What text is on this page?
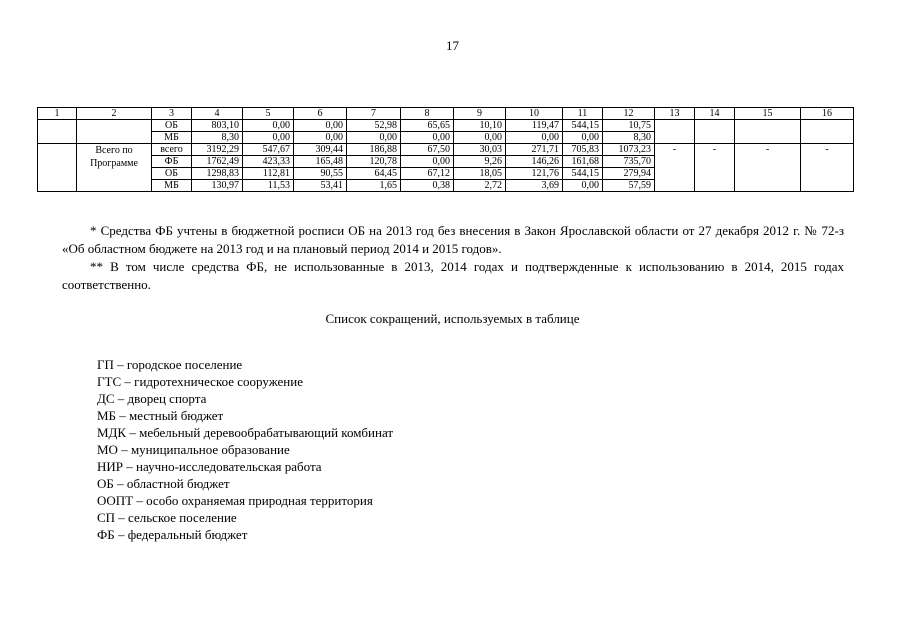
17
1	2	3	4	5	6	7	8	9	10	11	12	13	14	15	16
		ОБ	803,10	0,00	0,00	52,98	65,65	10,10	119,47	544,15	10,75				
		МБ	8,30	0,00	0,00	0,00	0,00	0,00	0,00	0,00	8,30				
	Всего по Программе	всего	3192,29	547,67	309,44	186,88	67,50	30,03	271,71	705,83	1073,23	-	-	-	-
		ФБ	1762,49	423,33	165,48	120,78	0,00	9,26	146,26	161,68	735,70				
		ОБ	1298,83	112,81	90,55	64,45	67,12	18,05	121,76	544,15	279,94				
		МБ	130,97	11,53	53,41	1,65	0,38	2,72	3,69	0,00	57,59				
* Средства ФБ учтены в бюджетной росписи ОБ на 2013 год без внесения в Закон Ярославской области от 27 декабря 2012 г. № 72-з «Об областном бюджете на 2013 год и на плановый период 2014 и 2015 годов».
** В том числе средства ФБ, не использованные в 2013, 2014 годах и подтвержденные к использованию в 2014, 2015 годах соответственно.
Список сокращений, используемых в таблице
ГП – городское поселение
ГТС – гидротехническое сооружение
ДС – дворец спорта
МБ – местный бюджет
МДК – мебельный деревообрабатывающий комбинат
МО – муниципальное образование
НИР – научно-исследовательская работа
ОБ – областной бюджет
ООПТ – особо охраняемая природная территория
СП – сельское поселение
ФБ – федеральный бюджет
